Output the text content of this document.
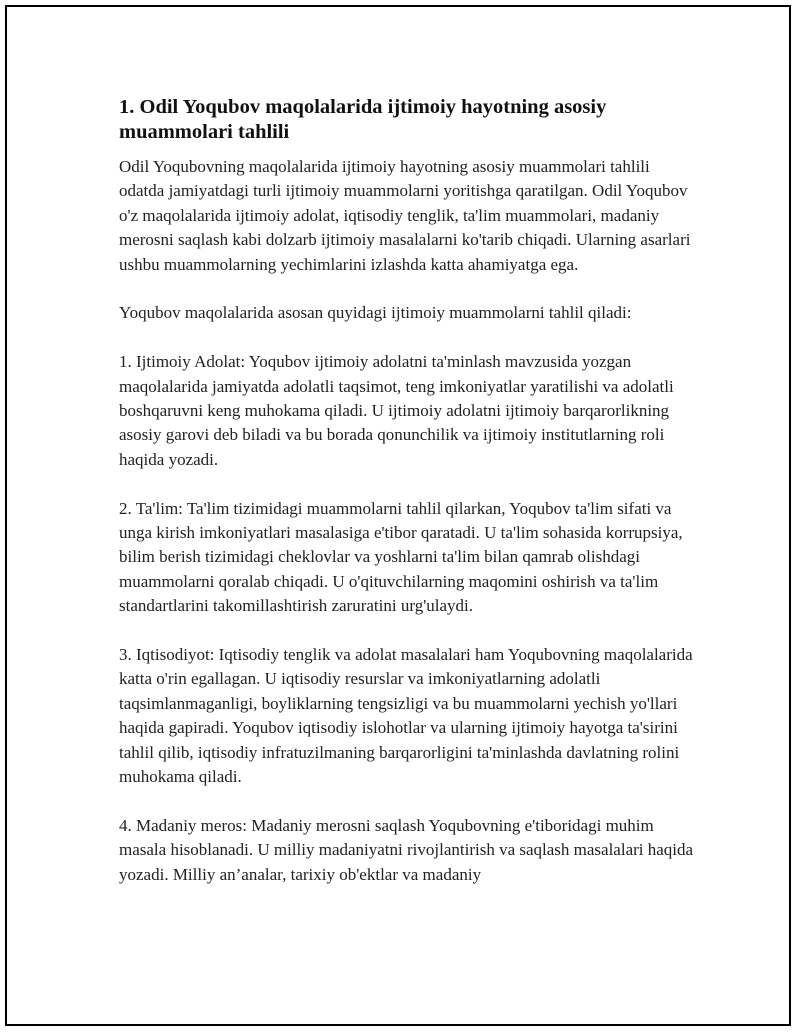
1. Odil Yoqubov maqolalarida ijtimoiy hayotning asosiy muammolari tahlili

Odil Yoqubovning maqolalarida ijtimoiy hayotning asosiy muammolari tahlili odatda jamiyatdagi turli ijtimoiy muammolarni yoritishga qaratilgan. Odil Yoqubov o'z maqolalarida ijtimoiy adolat, iqtisodiy tenglik, ta'lim muammolari, madaniy merosni saqlash kabi dolzarb ijtimoiy masalalarni ko'tarib chiqadi. Ularning asarlari ushbu muammolarning yechimlarini izlashda katta ahamiyatga ega.

Yoqubov maqolalarida asosan quyidagi ijtimoiy muammolarni tahlil qiladi:

1. Ijtimoiy Adolat: Yoqubov ijtimoiy adolatni ta'minlash mavzusida yozgan maqolalarida jamiyatda adolatli taqsimot, teng imkoniyatlar yaratilishi va adolatli boshqaruvni keng muhokama qiladi. U ijtimoiy adolatni ijtimoiy barqarorlikning asosiy garovi deb biladi va bu borada qonunchilik va ijtimoiy institutlarning roli haqida yozadi.

2. Ta'lim: Ta'lim tizimidagi muammolarni tahlil qilarkan, Yoqubov ta'lim sifati va unga kirish imkoniyatlari masalasiga e'tibor qaratadi. U ta'lim sohasida korrupsiya, bilim berish tizimidagi cheklovlar va yoshlarni ta'lim bilan qamrab olishdagi muammolarni qoralab chiqadi. U o'qituvchilarning maqomini oshirish va ta'lim standartlarini takomillashtirish zaruratini urg'ulaydi.

3. Iqtisodiyot: Iqtisodiy tenglik va adolat masalalari ham Yoqubovning maqolalarida katta o'rin egallagan. U iqtisodiy resurslar va imkoniyatlarning adolatli taqsimlanmaganligi, boyliklarning tengsizligi va bu muammolarni yechish yo'llari haqida gapiradi. Yoqubov iqtisodiy islohotlar va ularning ijtimoiy hayotga ta'sirini tahlil qilib, iqtisodiy infratuzilmaning barqarorligini ta'minlashda davlatning rolini muhokama qiladi.

4. Madaniy meros: Madaniy merosni saqlash Yoqubovning e'tiboridagi muhim masala hisoblanadi. U milliy madaniyatni rivojlantirish va saqlash masalalari haqida yozadi. Milliy an’analar, tarixiy ob'ektlar va madaniy
